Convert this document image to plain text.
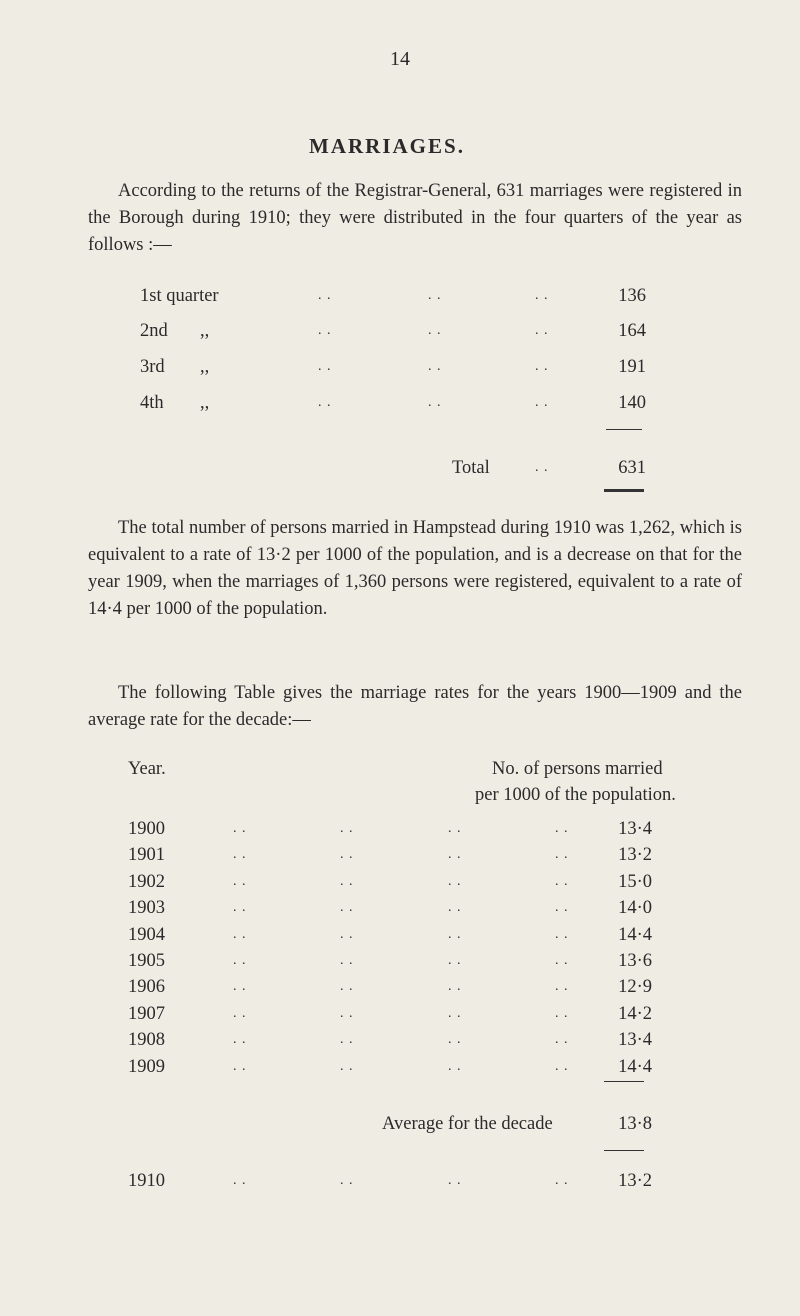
14
MARRIAGES.
According to the returns of the Registrar-General, 631 marriages were registered in the Borough during 1910; they were distributed in the four quarters of the year as follows :—
1st quarter	. .	. .	. .	136
2nd ,,	. .	. .	. .	164
3rd ,,	. .	. .	. .	191
4th ,,	. .	. .	. .	140
Total	. .	631
The total number of persons married in Hampstead during 1910 was 1,262, which is equivalent to a rate of 13·2 per 1000 of the population, and is a decrease on that for the year 1909, when the marriages of 1,360 persons were registered, equivalent to a rate of 14·4 per 1000 of the population.
The following Table gives the marriage rates for the years 1900—1909 and the average rate for the decade:—
Year.	No. of persons married
per 1000 of the population.
1900	. .	. .	. .	. .	13·4
1901	. .	. .	. .	. .	13·2
1902	. .	. .	. .	. .	15·0
1903	. .	. .	. .	. .	14·0
1904	. .	. .	. .	. .	14·4
1905	. .	. .	. .	. .	13·6
1906	. .	. .	. .	. .	12·9
1907	. .	. .	. .	. .	14·2
1908	. .	. .	. .	. .	13·4
1909	. .	. .	. .	. .	14·4
Average for the decade	13·8
1910	. .	. .	. .	. .	13·2
